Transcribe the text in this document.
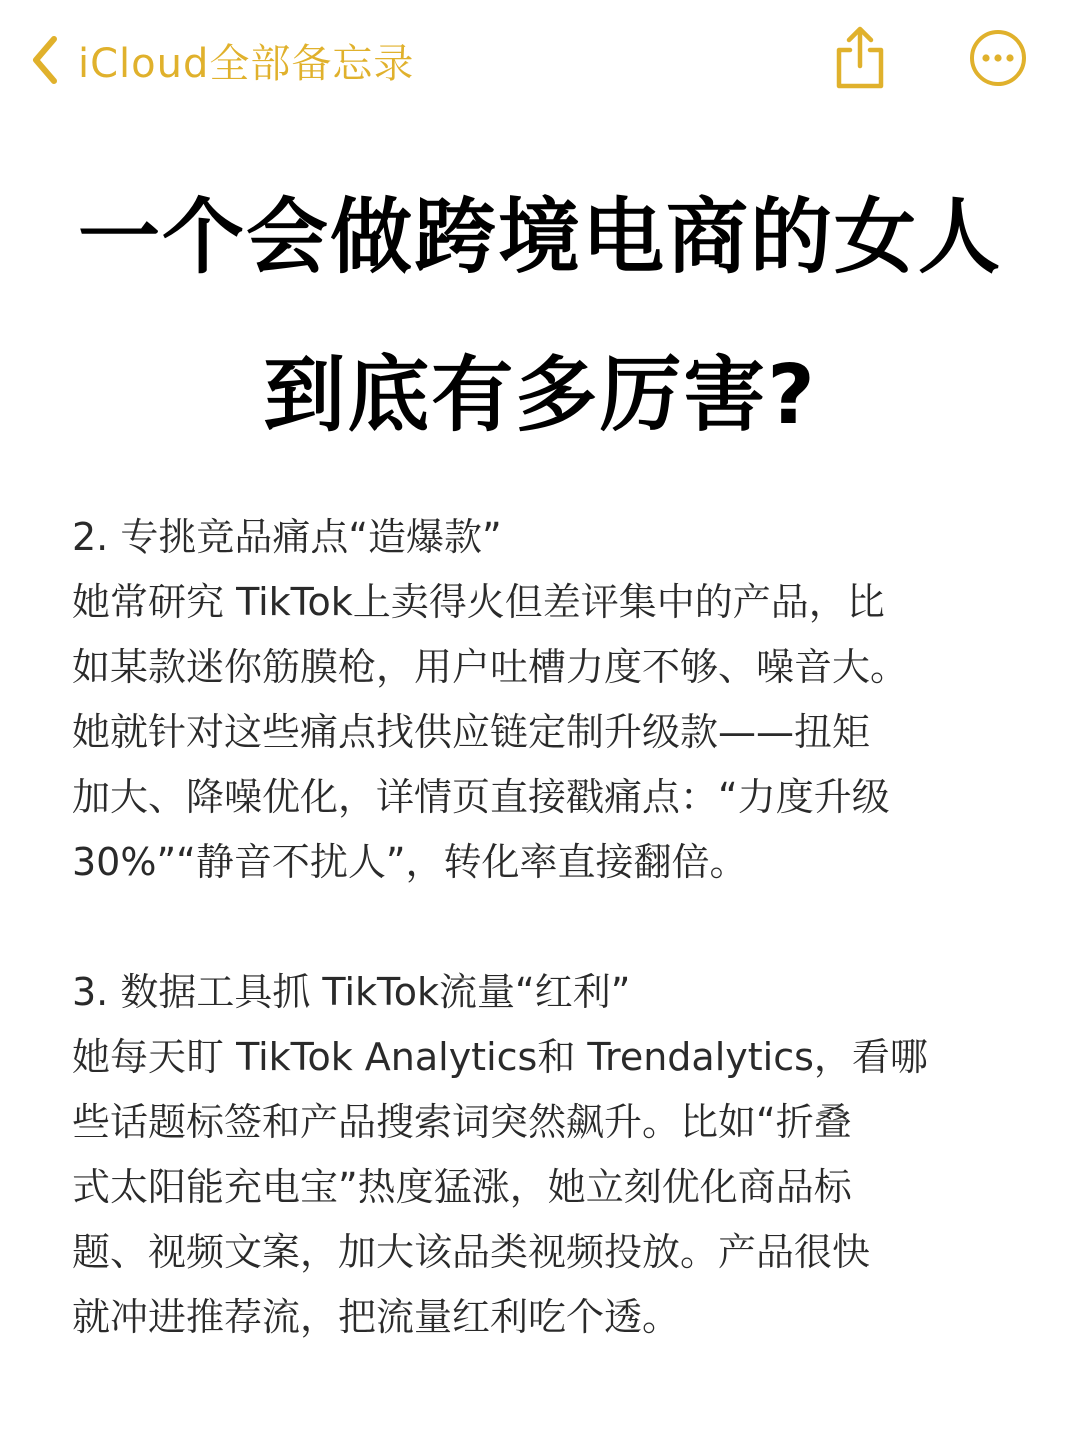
iCloud全部备忘录
一个会做跨境电商的女人
到底有多厉害?
2. 专挑竞品痛点“造爆款”
她常研究 TikTok上卖得火但差评集中的产品，比
如某款迷你筋膜枪，用户吐槽力度不够、噪音大。
她就针对这些痛点找供应链定制升级款——扭矩
加大、降噪优化，详情页直接戳痛点：“力度升级
30%”“静音不扰人”，转化率直接翻倍。
3. 数据工具抓 TikTok流量“红利”
她每天盯 TikTok Analytics和 Trendalytics，看哪
些话题标签和产品搜索词突然飙升。比如“折叠
式太阳能充电宝”热度猛涨，她立刻优化商品标
题、视频文案，加大该品类视频投放。产品很快
就冲进推荐流，把流量红利吃个透。
